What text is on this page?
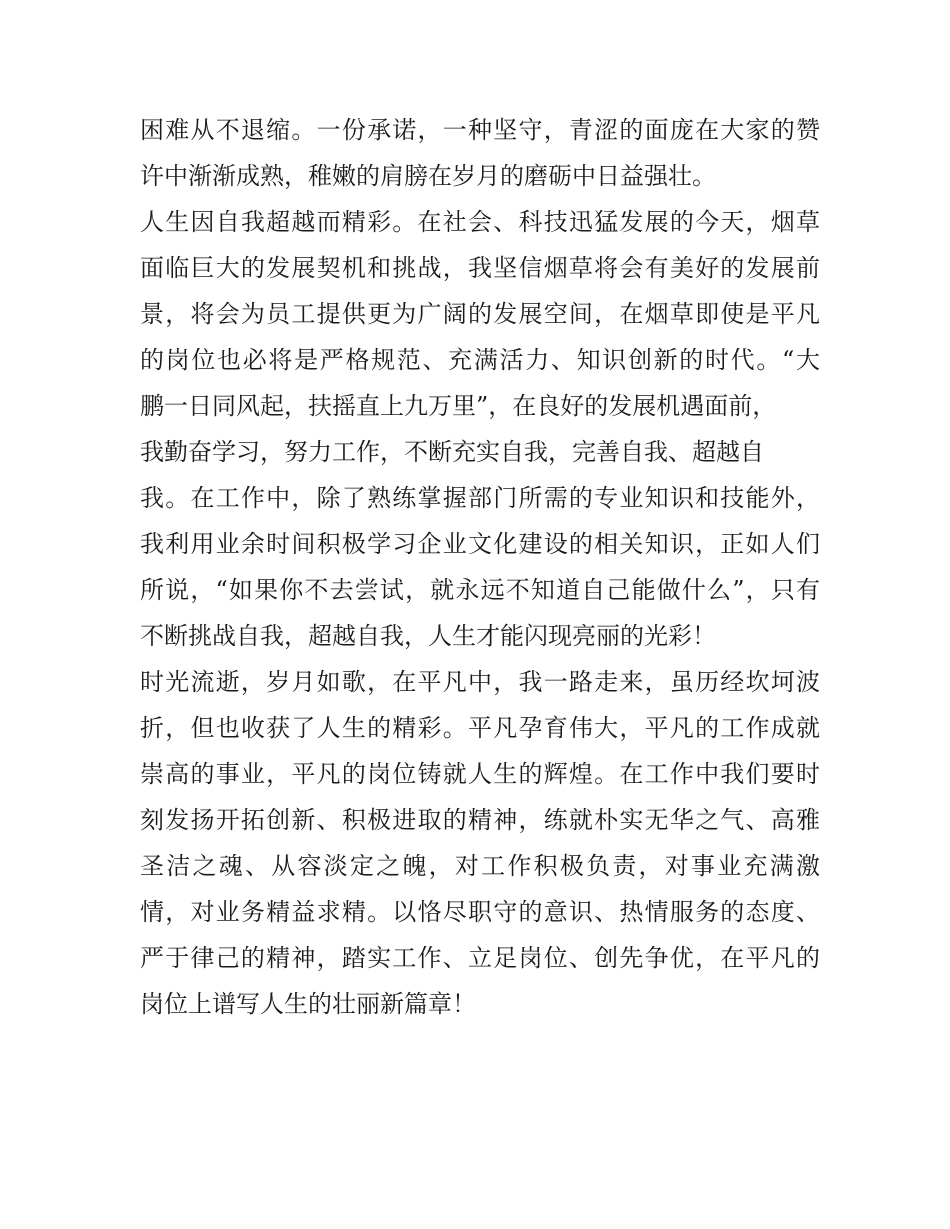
困难从不退缩。一份承诺，一种坚守，青涩的面庞在大家的赞
许中渐渐成熟，稚嫩的肩膀在岁月的磨砺中日益强壮。
人生因自我超越而精彩。在社会、科技迅猛发展的今天，烟草
面临巨大的发展契机和挑战，我坚信烟草将会有美好的发展前
景，将会为员工提供更为广阔的发展空间，在烟草即使是平凡
的岗位也必将是严格规范、充满活力、知识创新的时代。“大
鹏一日同风起，扶摇直上九万里”，在良好的发展机遇面前，
我勤奋学习，努力工作，不断充实自我，完善自我、超越自
我。在工作中，除了熟练掌握部门所需的专业知识和技能外，
我利用业余时间积极学习企业文化建设的相关知识，正如人们
所说，“如果你不去尝试，就永远不知道自己能做什么”，只有
不断挑战自我，超越自我，人生才能闪现亮丽的光彩！
时光流逝，岁月如歌，在平凡中，我一路走来，虽历经坎坷波
折，但也收获了人生的精彩。平凡孕育伟大，平凡的工作成就
崇高的事业，平凡的岗位铸就人生的辉煌。在工作中我们要时
刻发扬开拓创新、积极进取的精神，练就朴实无华之气、高雅
圣洁之魂、从容淡定之魄，对工作积极负责，对事业充满激
情，对业务精益求精。以恪尽职守的意识、热情服务的态度、
严于律己的精神，踏实工作、立足岗位、创先争优，在平凡的
岗位上谱写人生的壮丽新篇章！
